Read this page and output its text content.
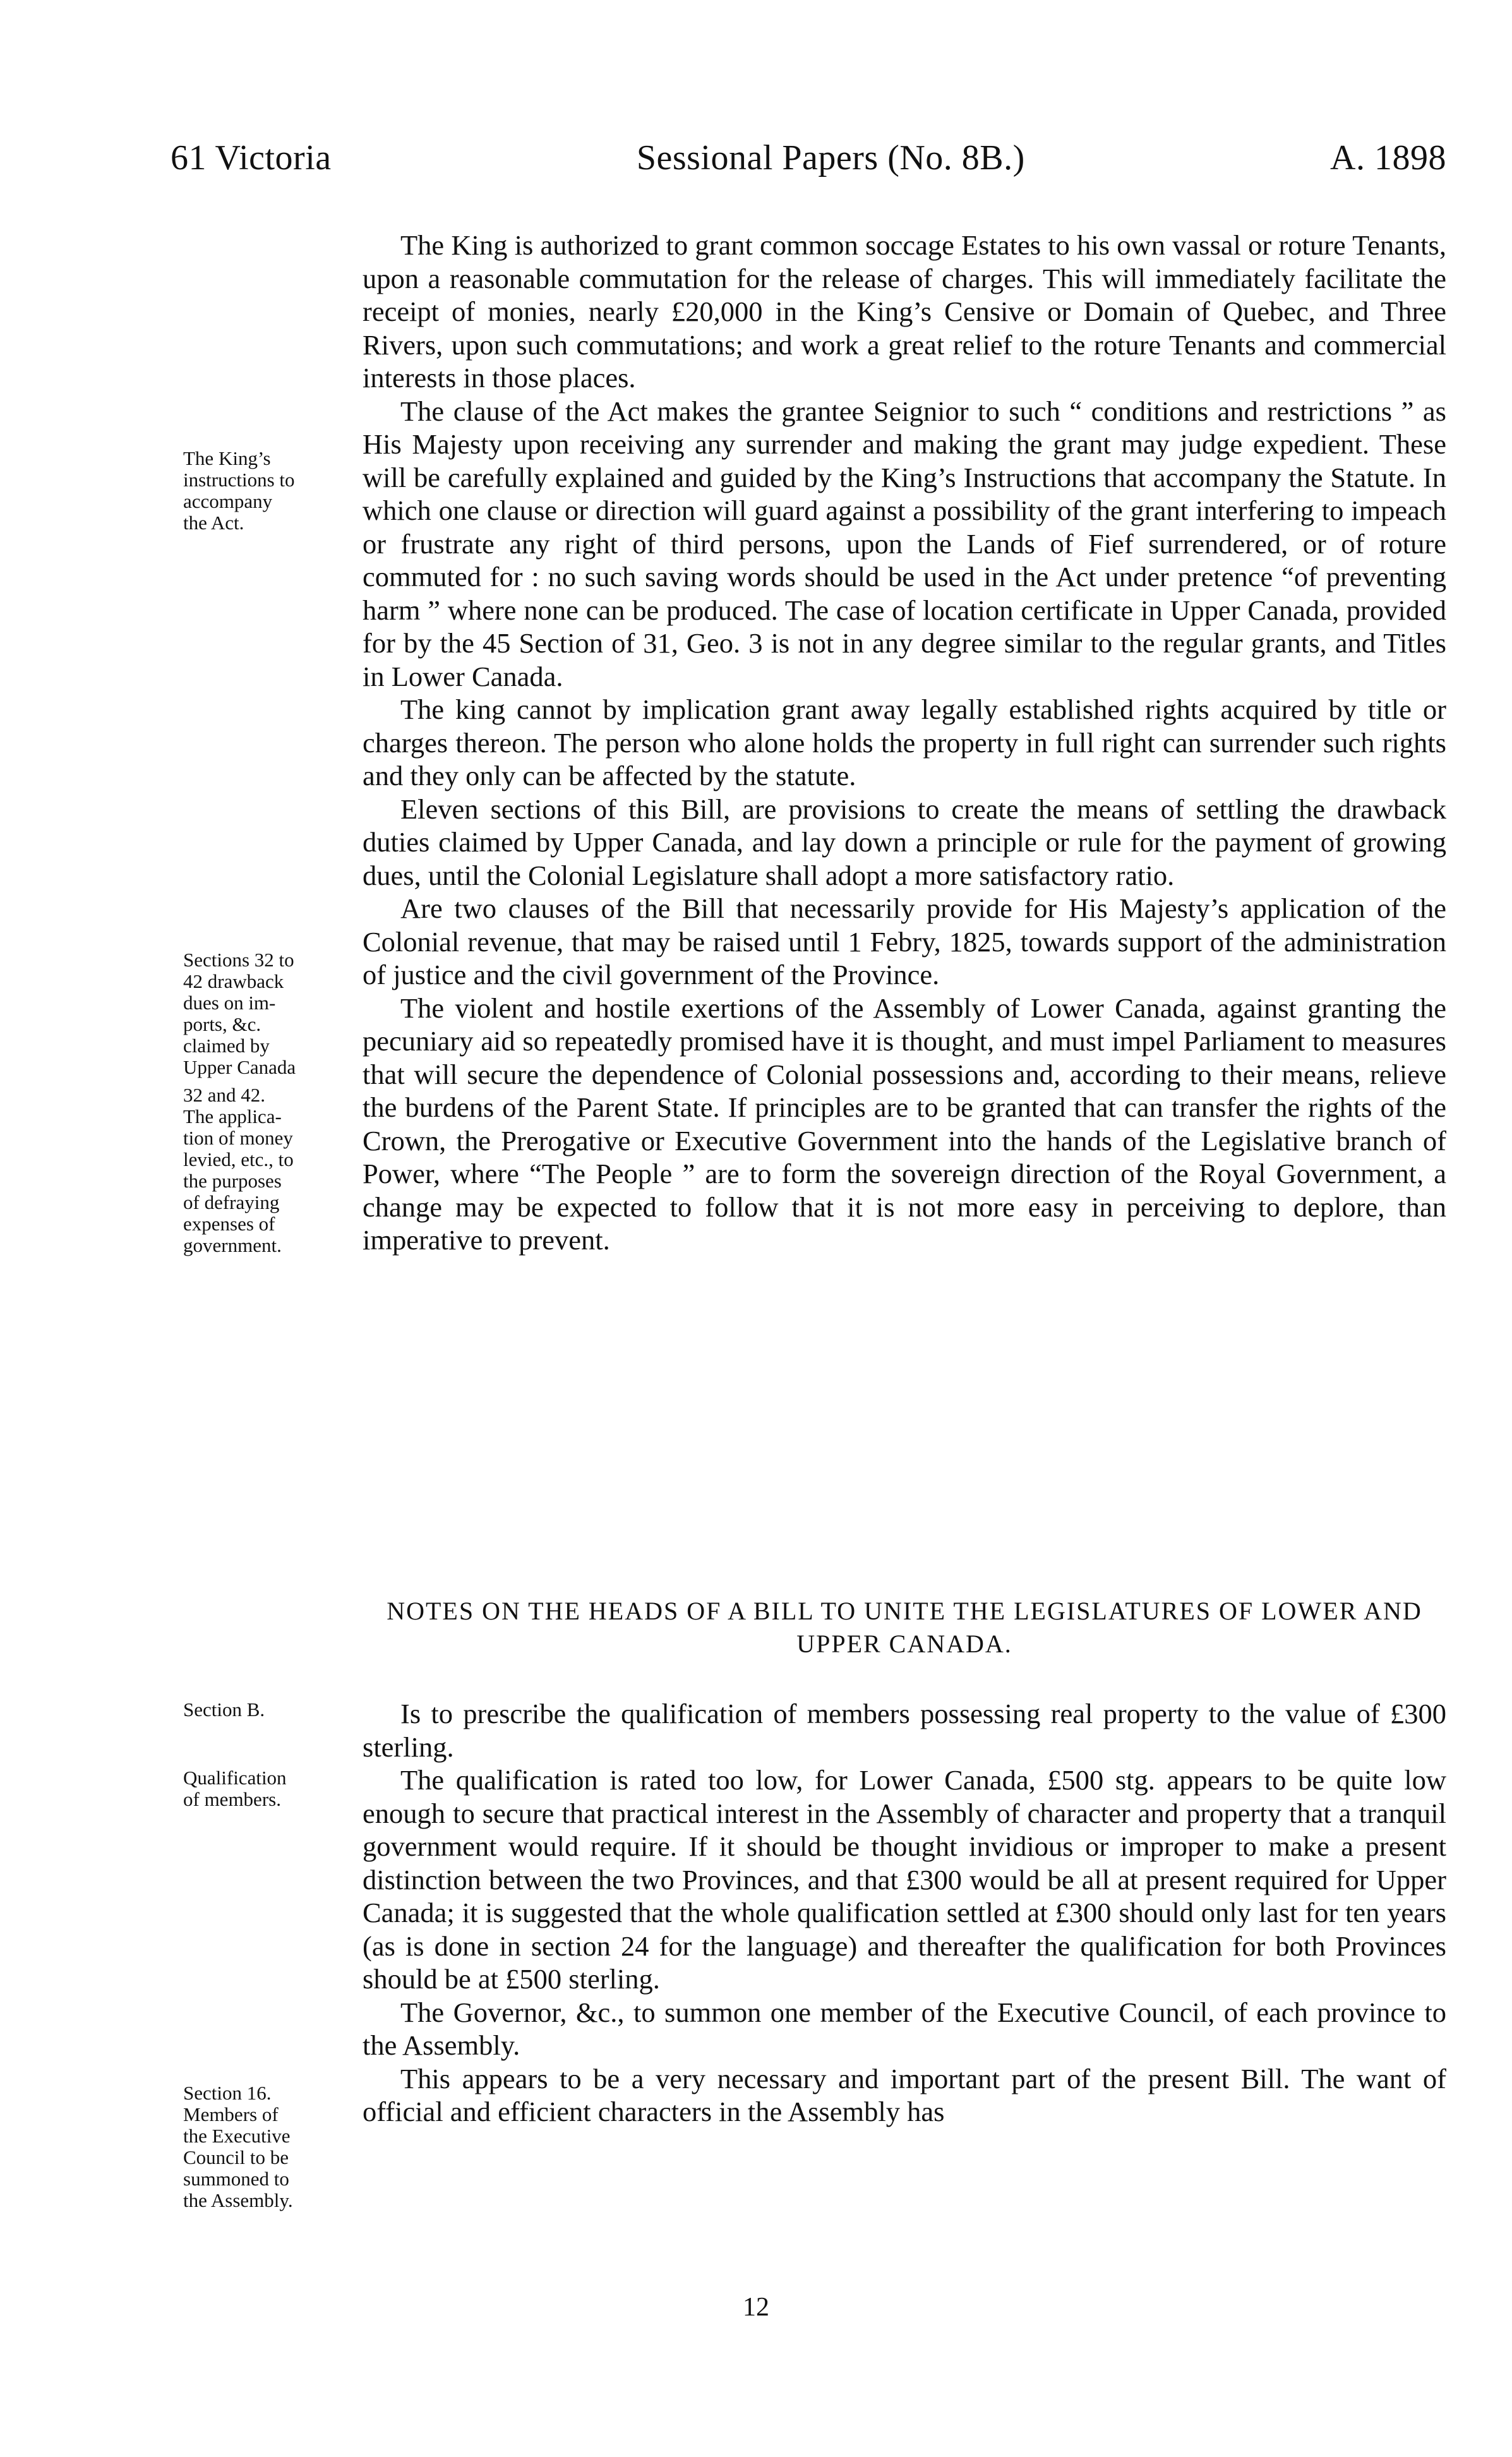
61 Victoria	Sessional Papers (No. 8B.)	A. 1898

The King is authorized to grant common soccage Estates to his own vassal or roture Tenants, upon a reasonable commutation for the release of charges. This will immediately facilitate the receipt of monies, nearly £20,000 in the King’s Censive or Domain of Quebec, and Three Rivers, upon such commutations; and work a great relief to the roture Tenants and commercial interests in those places.

The clause of the Act makes the grantee Seignior to such “ conditions and restrictions ” as His Majesty upon receiving any surrender and making the grant may judge expedient. These will be carefully explained and guided by the King’s Instructions that accompany the Statute. In which one clause or direction will guard against a possibility of the grant interfering to impeach or frustrate any right of third persons, upon the Lands of Fief surrendered, or of roture commuted for : no such saving words should be used in the Act under pretence “of preventing harm ” where none can be produced. The case of location certificate in Upper Canada, provided for by the 45 Section of 31, Geo. 3 is not in any degree similar to the regular grants, and Titles in Lower Canada.

The king cannot by implication grant away legally established rights acquired by title or charges thereon. The person who alone holds the property in full right can surrender such rights and they only can be affected by the statute.

Eleven sections of this Bill, are provisions to create the means of settling the drawback duties claimed by Upper Canada, and lay down a principle or rule for the payment of growing dues, until the Colonial Legislature shall adopt a more satisfactory ratio.

Are two clauses of the Bill that necessarily provide for His Majesty’s application of the Colonial revenue, that may be raised until 1 Febry, 1825, towards support of the administration of justice and the civil government of the Province.

The violent and hostile exertions of the Assembly of Lower Canada, against granting the pecuniary aid so repeatedly promised have it is thought, and must impel Parliament to measures that will secure the dependence of Colonial possessions and, according to their means, relieve the burdens of the Parent State. If principles are to be granted that can transfer the rights of the Crown, the Prerogative or Executive Government into the hands of the Legislative branch of Power, where “The People ” are to form the sovereign direction of the Royal Government, a change may be expected to follow that it is not more easy in perceiving to deplore, than imperative to prevent.

NOTES ON THE HEADS OF A BILL TO UNITE THE LEGISLATURES OF LOWER AND UPPER CANADA.

Is to prescribe the qualification of members possessing real property to the value of £300 sterling.

The qualification is rated too low, for Lower Canada, £500 stg. appears to be quite low enough to secure that practical interest in the Assembly of character and property that a tranquil government would require. If it should be thought invidious or improper to make a present distinction between the two Provinces, and that £300 would be all at present required for Upper Canada; it is suggested that the whole qualification settled at £300 should only last for ten years (as is done in section 24 for the language) and thereafter the qualification for both Provinces should be at £500 sterling.

The Governor, &c., to summon one member of the Executive Council, of each province to the Assembly.

This appears to be a very necessary and important part of the present Bill. The want of official and efficient characters in the Assembly has

The King’s
instructions to
accompany
the Act.
Sections 32 to
42 drawback
dues on im-
ports, &c.
claimed by
Upper Canada
32 and 42.
The applica-
tion of money
levied, etc., to
the purposes
of defraying
expenses of
government.
Section B.
Qualification
of members.
Section 16.
Members of
the Executive
Council to be
summoned to
the Assembly.
12
